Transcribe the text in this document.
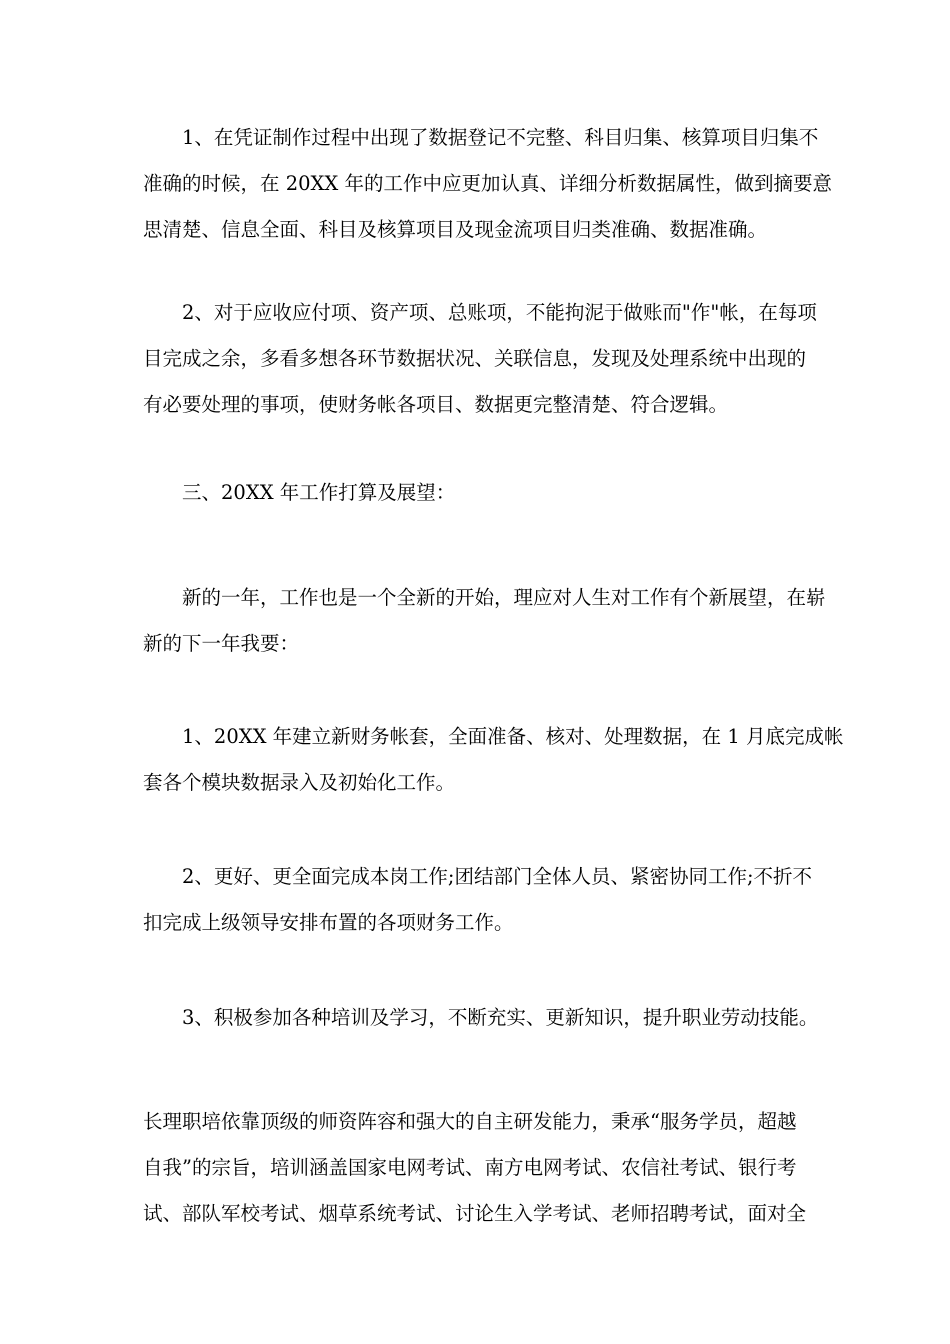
　　1、在凭证制作过程中出现了数据登记不完整、科目归集、核算项目归集不
准确的时候，在 20XX 年的工作中应更加认真、详细分析数据属性，做到摘要意
思清楚、信息全面、科目及核算项目及现金流项目归类准确、数据准确。

　　2、对于应收应付项、资产项、总账项，不能拘泥于做账而"作"帐，在每项
目完成之余，多看多想各环节数据状况、关联信息，发现及处理系统中出现的
有必要处理的事项，使财务帐各项目、数据更完整清楚、符合逻辑。

　　三、20XX 年工作打算及展望：

　　新的一年，工作也是一个全新的开始，理应对人生对工作有个新展望，在崭
新的下一年我要：

　　1、20XX 年建立新财务帐套，全面准备、核对、处理数据，在 1 月底完成帐
套各个模块数据录入及初始化工作。

　　2、更好、更全面完成本岗工作;团结部门全体人员、紧密协同工作;不折不
扣完成上级领导安排布置的各项财务工作。

　　3、积极参加各种培训及学习，不断充实、更新知识，提升职业劳动技能。

长理职培依靠顶级的师资阵容和强大的自主研发能力，秉承“服务学员，超越
自我”的宗旨，培训涵盖国家电网考试、南方电网考试、农信社考试、银行考
试、部队军校考试、烟草系统考试、讨论生入学考试、老师招聘考试，面对全
